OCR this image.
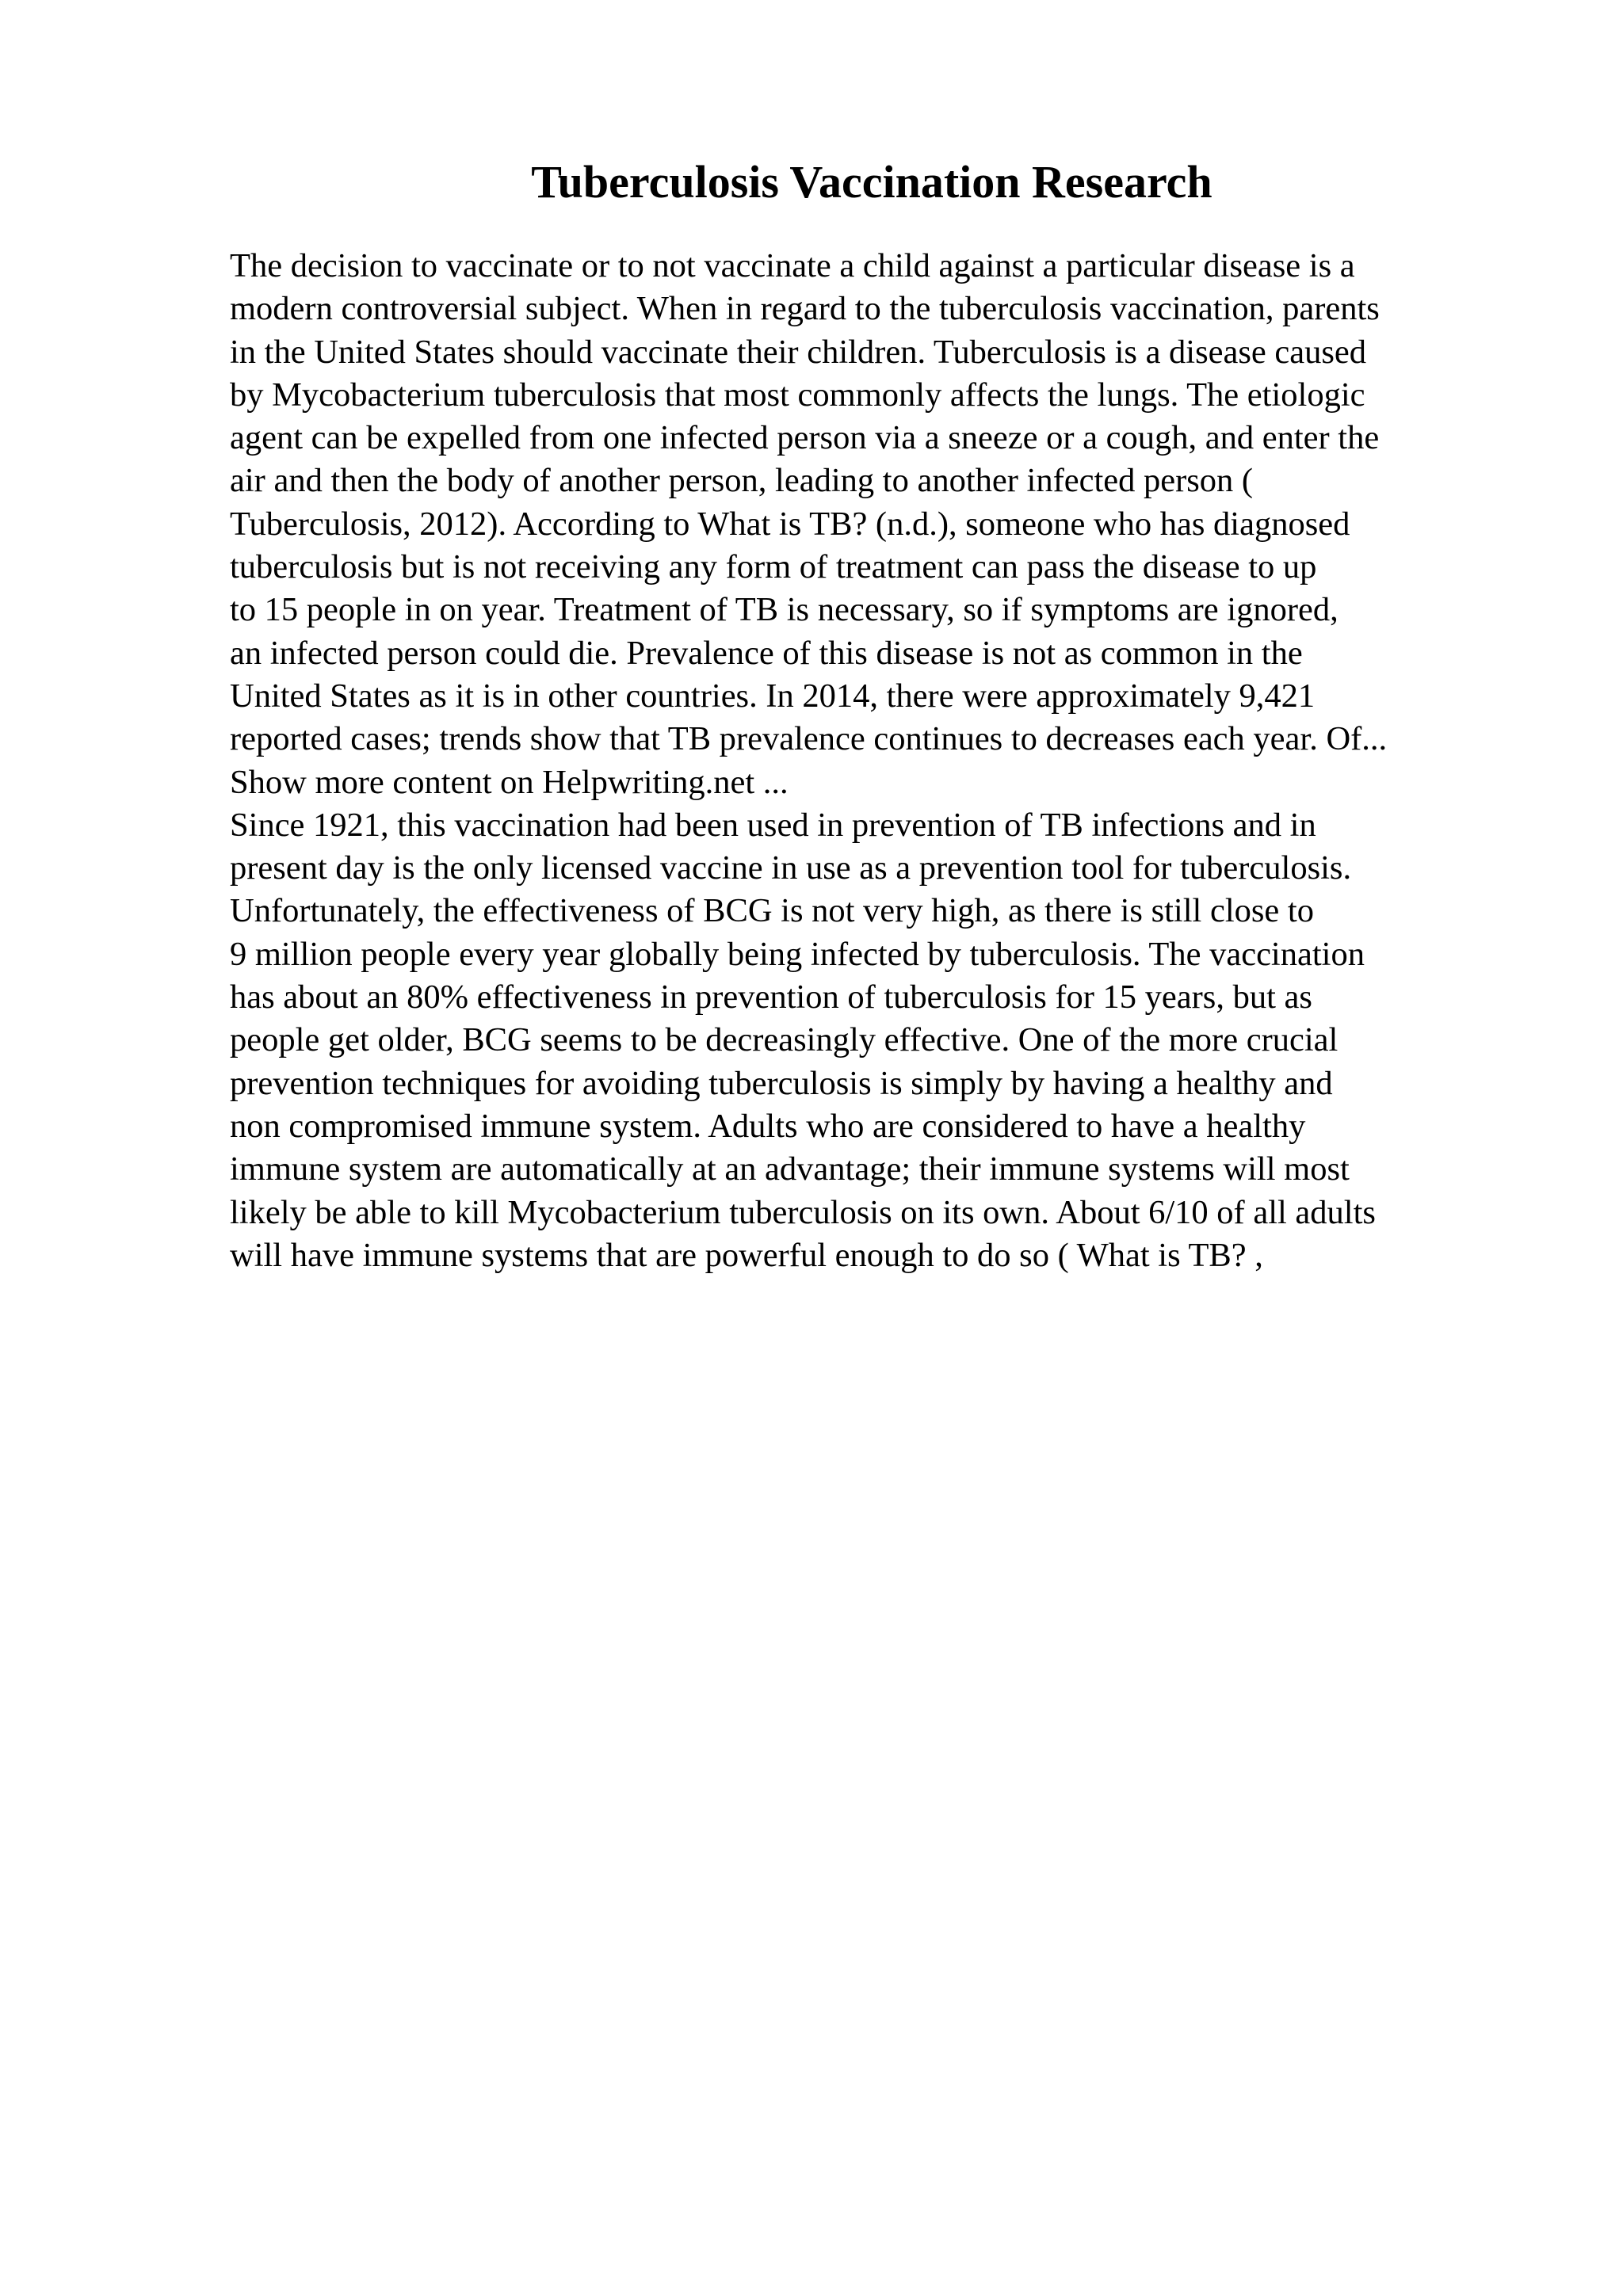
Tuberculosis Vaccination Research
The decision to vaccinate or to not vaccinate a child against a particular disease is a
modern controversial subject. When in regard to the tuberculosis vaccination, parents
in the United States should vaccinate their children. Tuberculosis is a disease caused
by Mycobacterium tuberculosis that most commonly affects the lungs. The etiologic
agent can be expelled from one infected person via a sneeze or a cough, and enter the
air and then the body of another person, leading to another infected person (
Tuberculosis, 2012). According to What is TB? (n.d.), someone who has diagnosed
tuberculosis but is not receiving any form of treatment can pass the disease to up
to 15 people in on year. Treatment of TB is necessary, so if symptoms are ignored,
an infected person could die. Prevalence of this disease is not as common in the
United States as it is in other countries. In 2014, there were approximately 9,421
reported cases; trends show that TB prevalence continues to decreases each year. Of...
Show more content on Helpwriting.net ...
Since 1921, this vaccination had been used in prevention of TB infections and in
present day is the only licensed vaccine in use as a prevention tool for tuberculosis.
Unfortunately, the effectiveness of BCG is not very high, as there is still close to
9 million people every year globally being infected by tuberculosis. The vaccination
has about an 80% effectiveness in prevention of tuberculosis for 15 years, but as
people get older, BCG seems to be decreasingly effective. One of the more crucial
prevention techniques for avoiding tuberculosis is simply by having a healthy and
non compromised immune system. Adults who are considered to have a healthy
immune system are automatically at an advantage; their immune systems will most
likely be able to kill Mycobacterium tuberculosis on its own. About 6/10 of all adults
will have immune systems that are powerful enough to do so ( What is TB? ,
